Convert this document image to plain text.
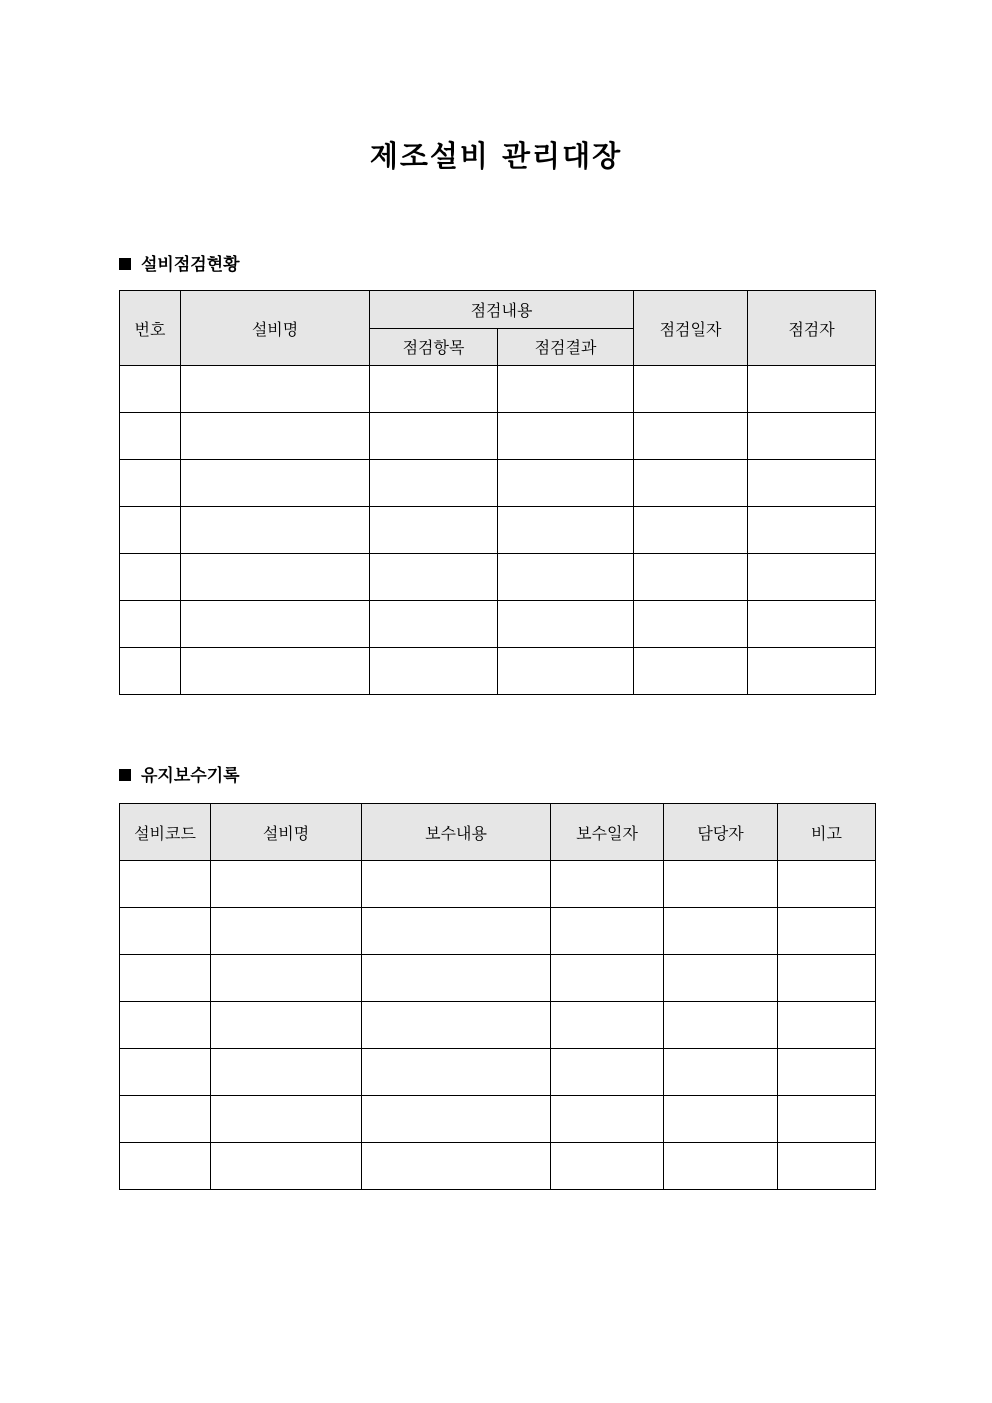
제조설비 관리대장
설비점검현황
번호	설비명	점검내용		점검일자	점검자
		점검항목	점검결과		

유지보수기록
설비코드	설비명	보수내용	보수일자	담당자	비고
